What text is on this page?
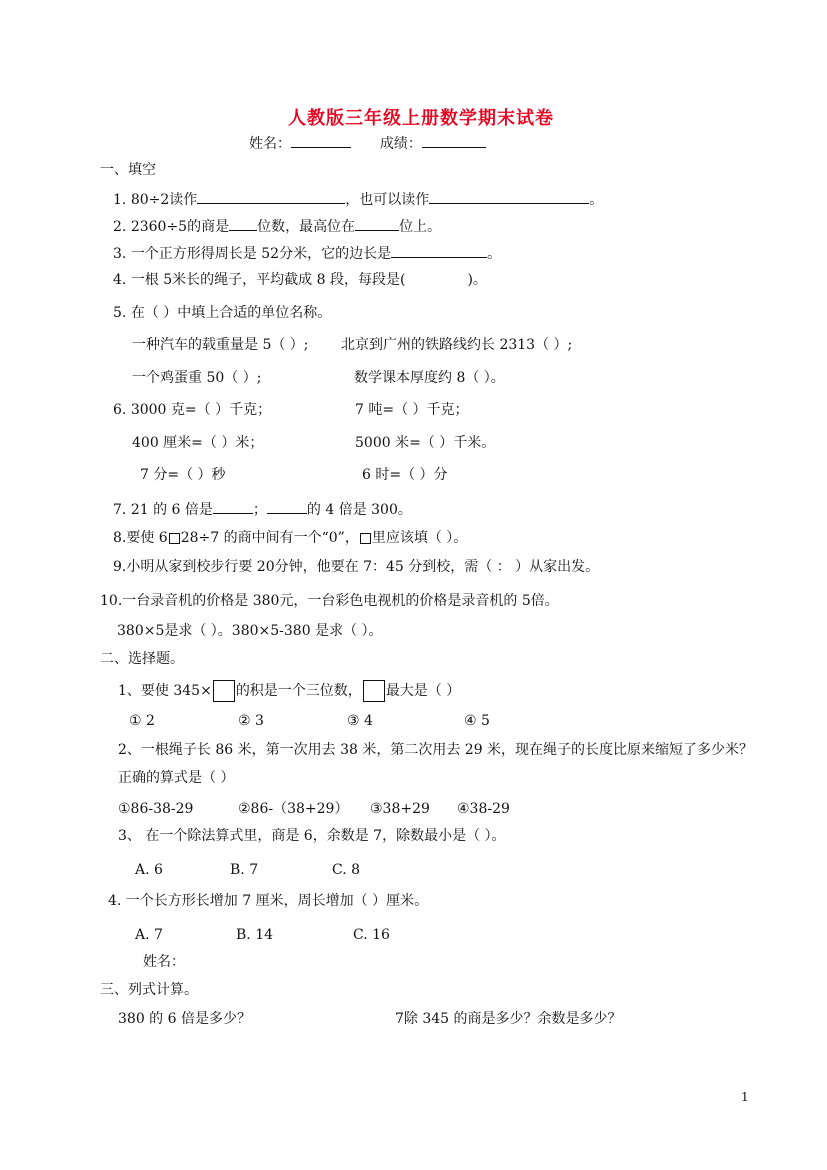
人教版三年级上册数学期末试卷
姓名：	成绩：
一、填空
1. 80÷2读作	，也可以读作	。
2. 2360÷5的商是 位数，最高位在	位上。
3. 一个正方形得周长是 52分米，它的边长是	。
4. 一根 5米长的绳子，平均截成 8 段，每段是(	)。
5. 在（ ）中填上合适的单位名称。
一种汽车的载重量是 5（ ）; 北京到广州的铁路线约长 2313（ ）;
一个鸡蛋重 50（ ）;	数学课本厚度约 8（ ）。
6. 3000 克=（ ）千克；	7 吨=（ ）千克；
400 厘米=（ ）米；	5000 米=（ ）千米。
7 分=（ ）秒	6 时=（ ）分
7. 21 的 6 倍是	；	的 4 倍是 300。
8.要使 6 28÷7 的商中间有一个“0”， 里应该填（ ）。
9.小明从家到校步行要 20分钟，他要在 7：45 分到校，需（ ： ）从家出发。
10.一台录音机的价格是 380元，一台彩色电视机的价格是录音机的 5倍。
380×5是求（ ）。380×5-380 是求（ ）。
二、选择题。
1、要使 345× 的积是一个三位数， 最大是（ ）
① 2	② 3	③ 4	④ 5
2、一根绳子长 86 米，第一次用去 38 米，第二次用去 29 米，现在绳子的长度比原来缩短了多少米？
正确的算式是（ ）
①86-38-29	②86-（38+29） ③38+29 ④38-29
3、 在一个除法算式里，商是 6，余数是 7，除数最小是（ ）。
A. 6	B. 7	C. 8
4. 一个长方形长增加 7 厘米，周长增加（ ）厘米。
A. 7	B. 14	C. 16
姓名：
三、列式计算。
380 的 6 倍是多少？	7除 345 的商是多少？余数是多少？
1
